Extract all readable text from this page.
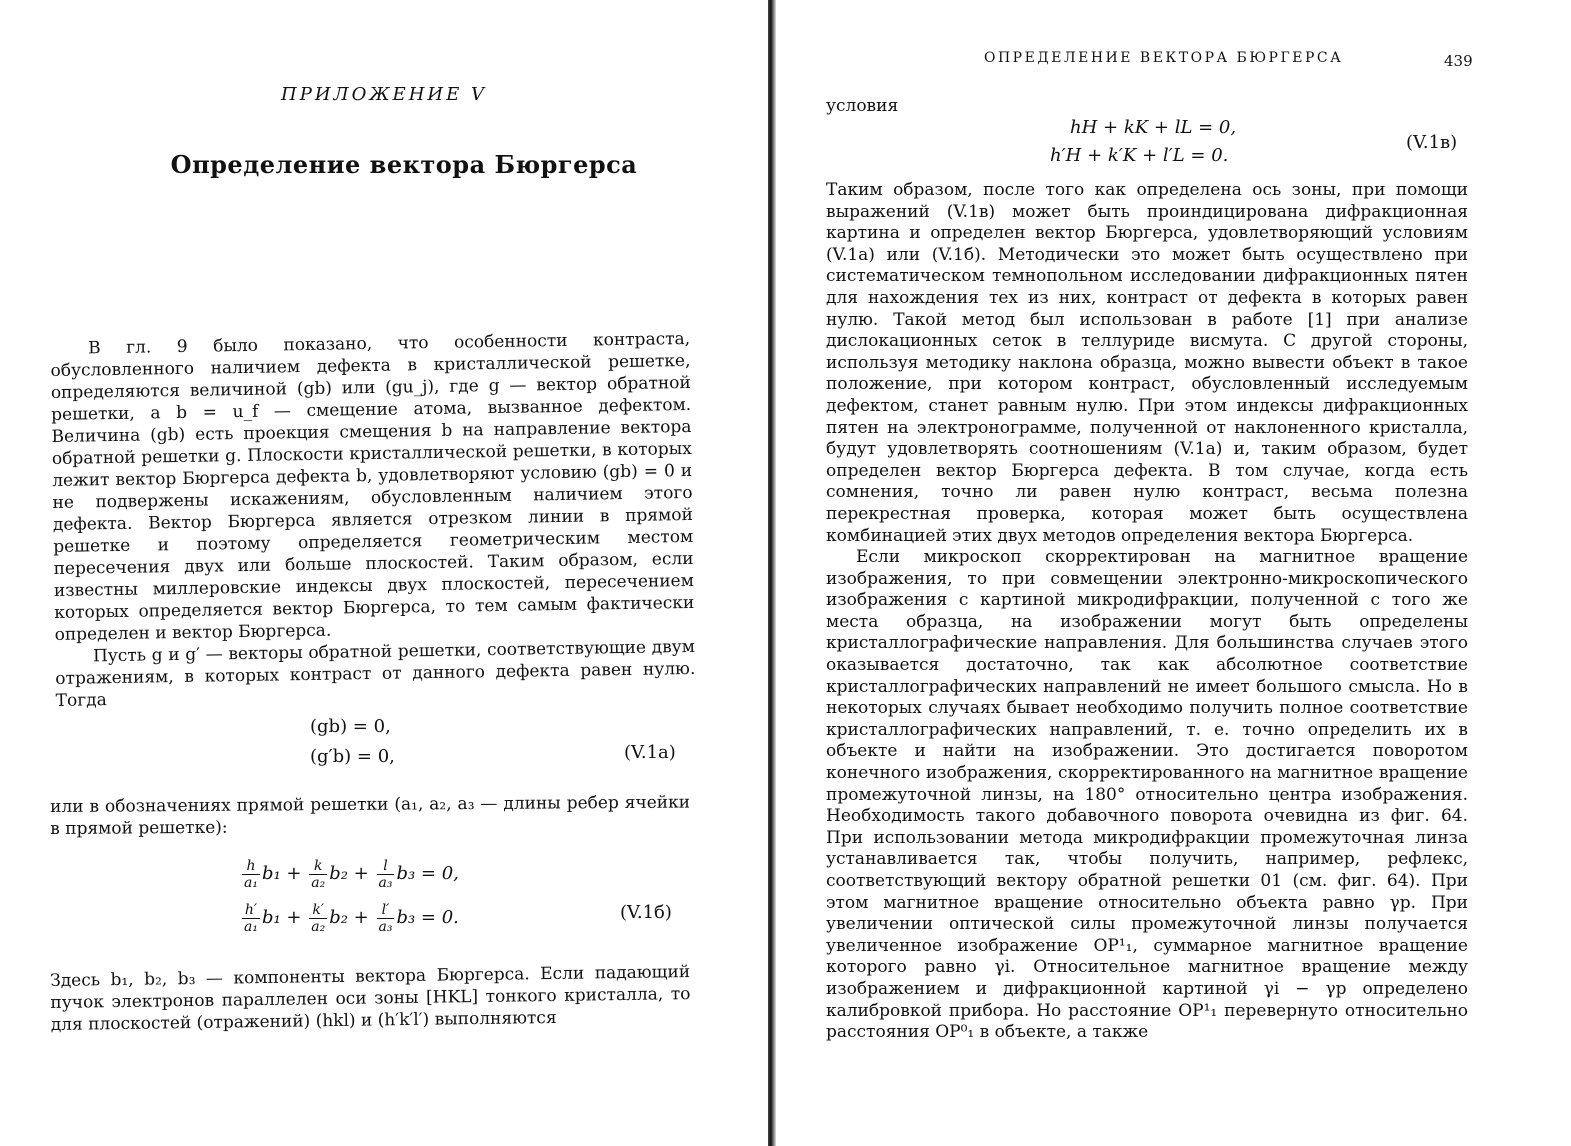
ПРИЛОЖЕНИЕ V
Определение вектора Бюргерса

В гл. 9 было показано, что особенности контраста, обусловленного наличием дефекта в кристаллической решетке, определяются величиной (gb) или (gu_j), где g — вектор обратной решетки, а b = u_f — смещение атома, вызванное дефектом. Величина (gb) есть проекция смещения b на направление вектора обратной решетки g. Плоскости кристаллической решетки, в которых лежит вектор Бюргерса дефекта b, удовлетворяют условию (gb) = 0 и не подвержены искажениям, обусловленным наличием этого дефекта. Вектор Бюргерса является отрезком линии в прямой решетке и поэтому определяется геометрическим местом пересечения двух или больше плоскостей. Таким образом, если известны миллеровские индексы двух плоскостей, пересечением которых определяется вектор Бюргерса, то тем самым фактически определен и вектор Бюргерса.

Пусть g и g′ — векторы обратной решетки, соответствующие двум отражениям, в которых контраст от данного дефекта равен нулю. Тогда

(gb) = 0,
(g′b) = 0,	(V.1a)

или в обозначениях прямой решетки (a₁, a₂, a₃ — длины ребер ячейки в прямой решетке):

$\frac{h}{\text{a₁}} b_1 + \frac{k}{\text{a₂}} b_2 + \frac{l}{\text{a₃}} b_3 = 0$,
$\frac{h'}{\text{a₁}} b_1 + \frac{k'}{\text{a₂}} b_2 + \frac{l'}{\text{a₃}} b_3 = 0$.	(V.1б)

Здесь b₁, b₂, b₃ — компоненты вектора Бюргерса. Если падающий пучок электронов параллелен оси зоны [HKL] тонкого кристалла, то для плоскостей (отражений) (hkl) и (h′k′l′) выполняются

ОПРЕДЕЛЕНИЕ ВЕКТОРА БЮРГЕРСА	439

условия

hH + kK + lL = 0,
h′H + k′K + l′L = 0.
(V.1в)

Таким образом, после того как определена ось зоны, при помощи выражений (V.1в) может быть проиндицирована дифракционная картина и определен вектор Бюргерса, удовлетворяющий условиям (V.1a) или (V.1б). Методически это может быть осуществлено при систематическом темнопольном исследовании дифракционных пятен для нахождения тех из них, контраст от дефекта в которых равен нулю. Такой метод был использован в работе [1] при анализе дислокационных сеток в теллуриде висмута. С другой стороны, используя методику наклона образца, можно вывести объект в такое положение, при котором контраст, обусловленный исследуемым дефектом, станет равным нулю. При этом индексы дифракционных пятен на электронограмме, полученной от наклоненного кристалла, будут удовлетворять соотношениям (V.1a) и, таким образом, будет определен вектор Бюргерса дефекта. В том случае, когда есть сомнения, точно ли равен нулю контраст, весьма полезна перекрестная проверка, которая может быть осуществлена комбинацией этих двух методов определения вектора Бюргерса.

Если микроскоп скорректирован на магнитное вращение изображения, то при совмещении электронно-микроскопического изображения с картиной микродифракции, полученной с того же места образца, на изображении могут быть определены кристаллографические направления. Для большинства случаев этого оказывается достаточно, так как абсолютное соответствие кристаллографических направлений не имеет большого смысла. Но в некоторых случаях бывает необходимо получить полное соответствие кристаллографических направлений, т. е. точно определить их в объекте и найти на изображении. Это достигается поворотом конечного изображения, скорректированного на магнитное вращение промежуточной линзы, на 180° относительно центра изображения. Необходимость такого добавочного поворота очевидна из фиг. 64. При использовании метода микродифракции промежуточная линза устанавливается так, чтобы получить, например, рефлекс, соответствующий вектору обратной решетки 01 (см. фиг. 64). При этом магнитное вращение относительно объекта равно γp. При увеличении оптической силы промежуточной линзы получается увеличенное изображение OP¹₁, суммарное магнитное вращение которого равно γi. Относительное магнитное вращение между изображением и дифракционной картиной γi − γp определено калибровкой прибора. Но расстояние OP¹₁ перевернуто относительно расстояния OP⁰₁ в объекте, а также
